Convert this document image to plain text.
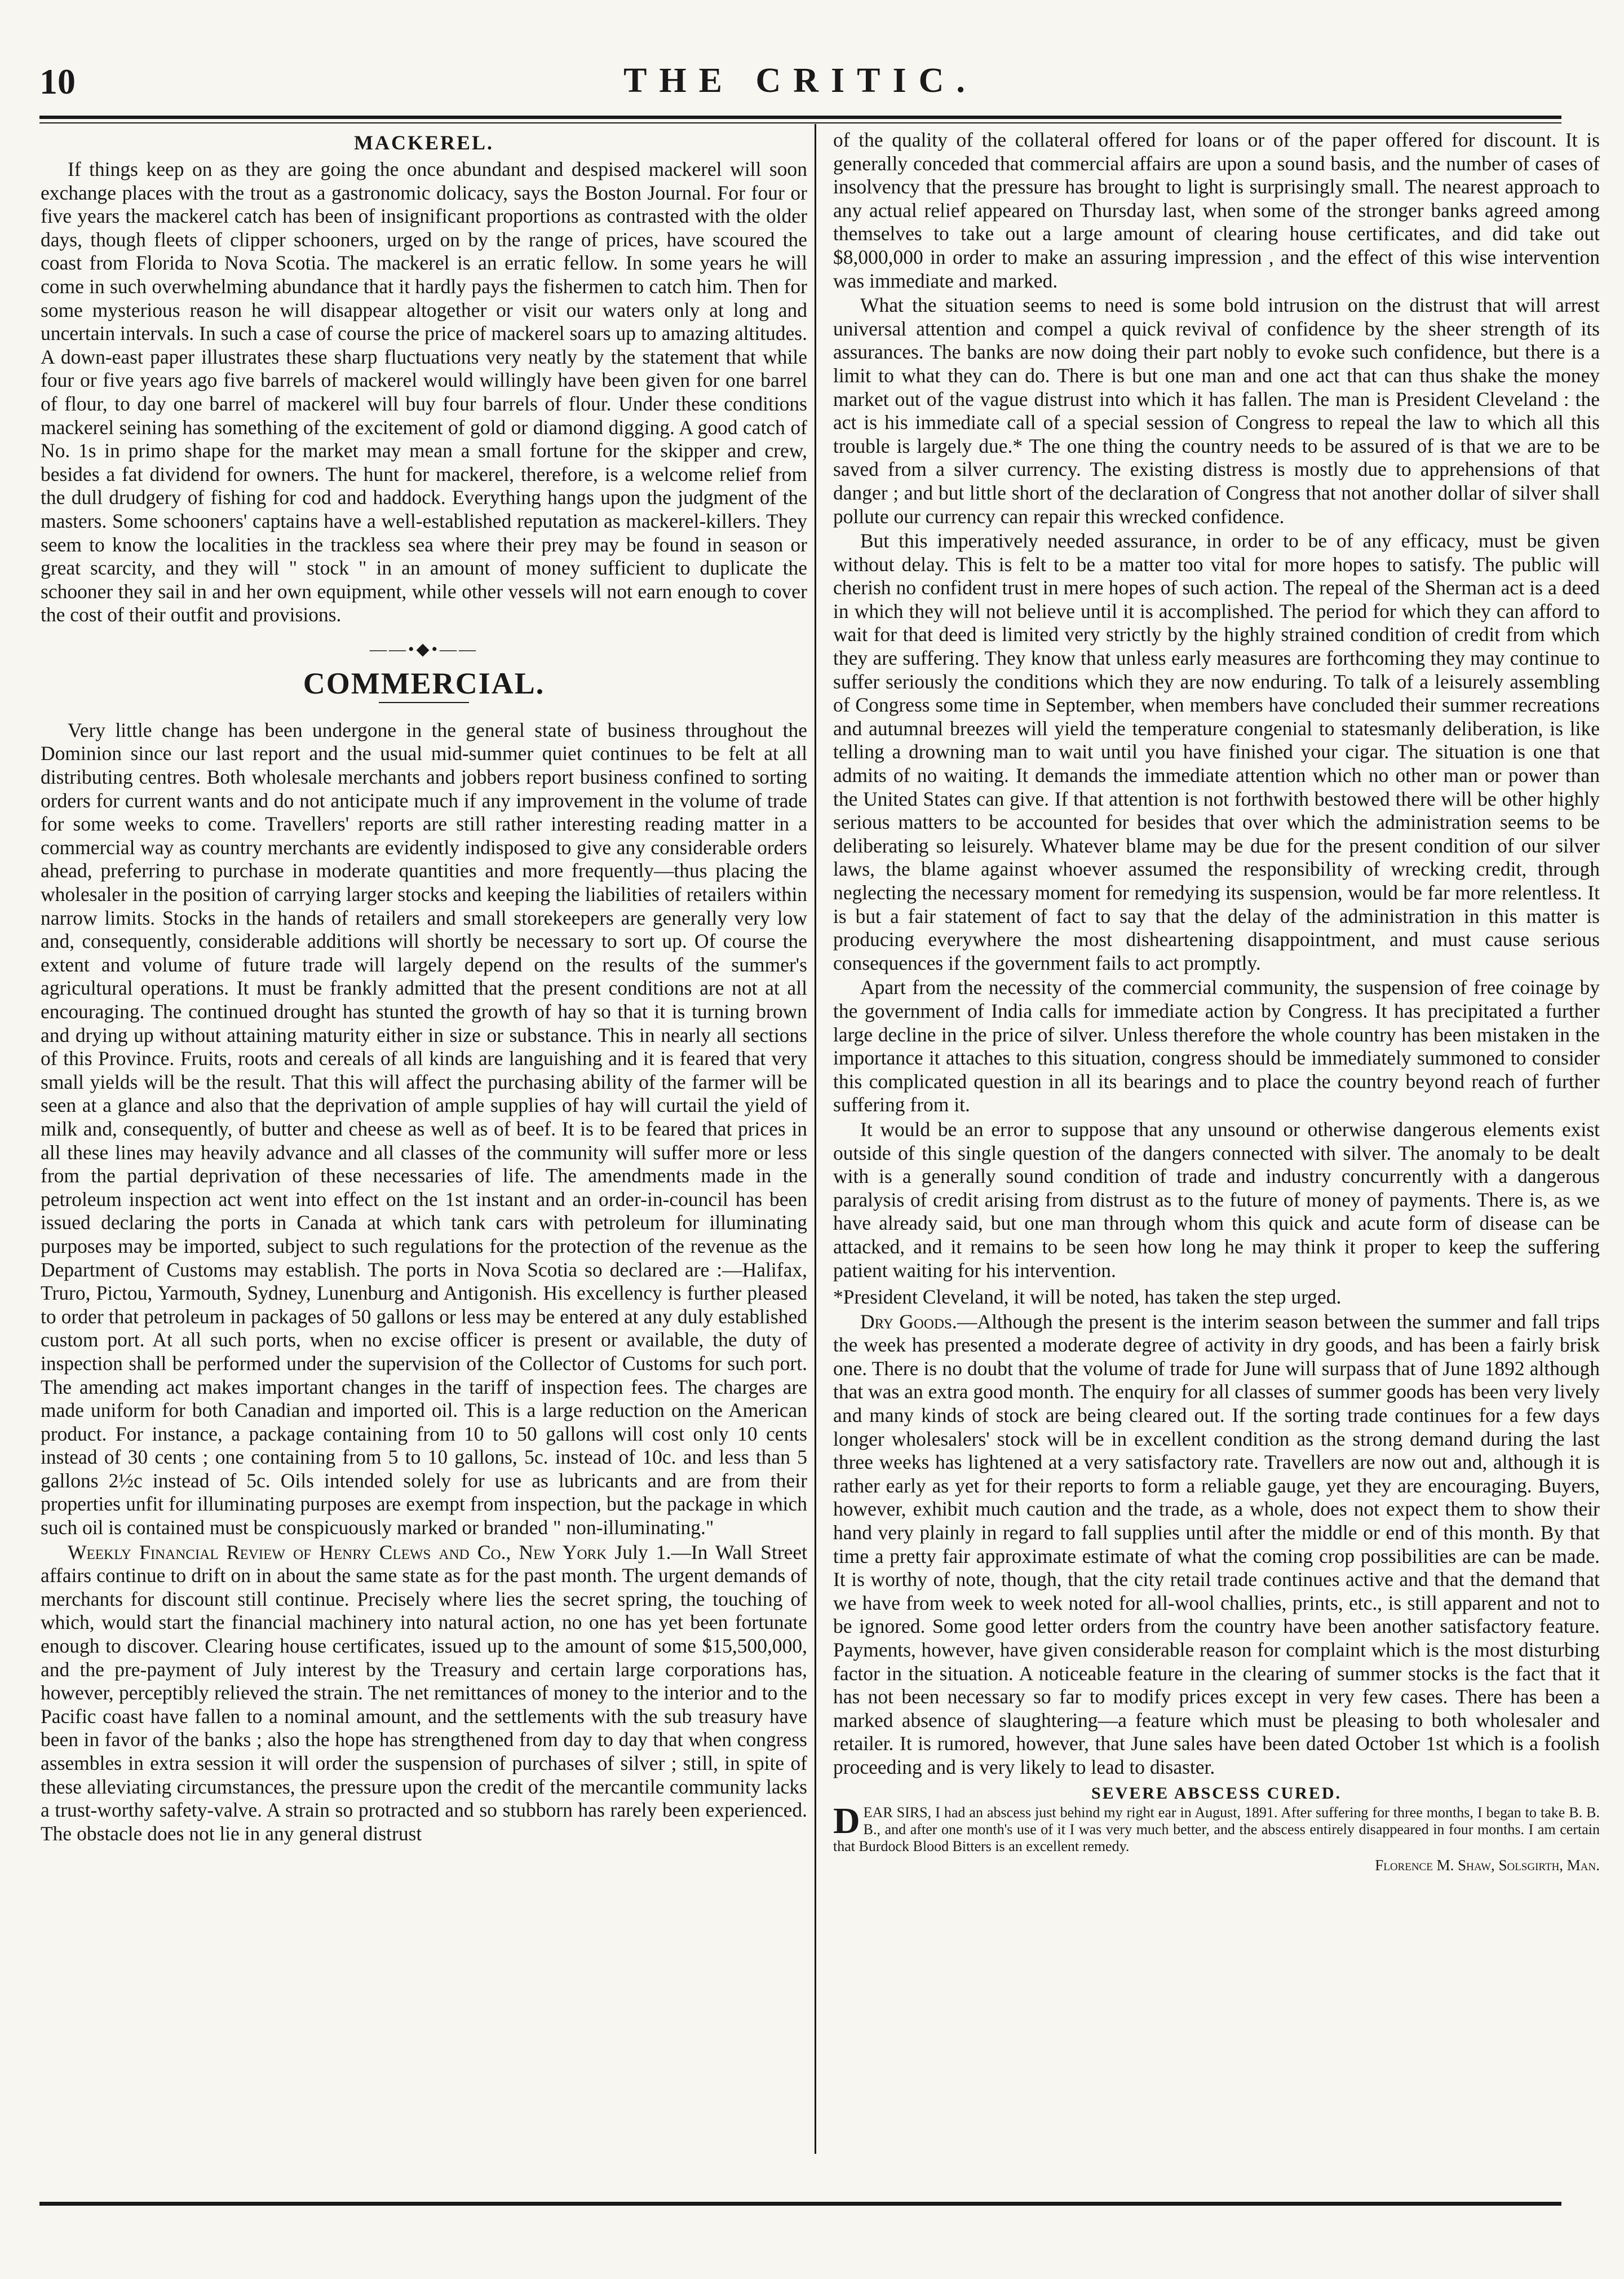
10	THE CRITIC.
MACKEREL.

If things keep on as they are going the once abundant and despised mackerel will soon exchange places with the trout as a gastronomic dolicacy, says the Boston Journal. For four or five years the mackerel catch has been of insignificant proportions as contrasted with the older days, though fleets of clipper schooners, urged on by the range of prices, have scoured the coast from Florida to Nova Scotia. The mackerel is an erratic fellow. In some years he will come in such overwhelming abundance that it hardly pays the fishermen to catch him. Then for some mysterious reason he will disappear altogether or visit our waters only at long and uncertain intervals. In such a case of course the price of mackerel soars up to amazing altitudes. A down-east paper illustrates these sharp fluctuations very neatly by the statement that while four or five years ago five barrels of mackerel would willingly have been given for one barrel of flour, to day one barrel of mackerel will buy four barrels of flour. Under these conditions mackerel seining has something of the excitement of gold or diamond digging. A good catch of No. 1s in primo shape for the market may mean a small fortune for the skipper and crew, besides a fat dividend for owners. The hunt for mackerel, therefore, is a welcome relief from the dull drudgery of fishing for cod and haddock. Everything hangs upon the judgment of the masters. Some schooners' captains have a well-established reputation as mackerel-killers. They seem to know the localities in the trackless sea where their prey may be found in season or great scarcity, and they will " stock " in an amount of money sufficient to duplicate the schooner they sail in and her own equipment, while other vessels will not earn enough to cover the cost of their outfit and provisions.

——•◆•——
COMMERCIAL.

Very little change has been undergone in the general state of business throughout the Dominion since our last report and the usual mid-summer quiet continues to be felt at all distributing centres. Both wholesale merchants and jobbers report business confined to sorting orders for current wants and do not anticipate much if any improvement in the volume of trade for some weeks to come. Travellers' reports are still rather interesting reading matter in a commercial way as country merchants are evidently indisposed to give any considerable orders ahead, preferring to purchase in moderate quantities and more frequently—thus placing the wholesaler in the position of carrying larger stocks and keeping the liabilities of retailers within narrow limits. Stocks in the hands of retailers and small storekeepers are generally very low and, consequently, considerable additions will shortly be necessary to sort up. Of course the extent and volume of future trade will largely depend on the results of the summer's agricultural operations. It must be frankly admitted that the present conditions are not at all encouraging. The continued drought has stunted the growth of hay so that it is turning brown and drying up without attaining maturity either in size or substance. This in nearly all sections of this Province. Fruits, roots and cereals of all kinds are languishing and it is feared that very small yields will be the result. That this will affect the purchasing ability of the farmer will be seen at a glance and also that the deprivation of ample supplies of hay will curtail the yield of milk and, consequently, of butter and cheese as well as of beef. It is to be feared that prices in all these lines may heavily advance and all classes of the community will suffer more or less from the partial deprivation of these necessaries of life. The amendments made in the petroleum inspection act went into effect on the 1st instant and an order-in-council has been issued declaring the ports in Canada at which tank cars with petroleum for illuminating purposes may be imported, subject to such regulations for the protection of the revenue as the Department of Customs may establish. The ports in Nova Scotia so declared are :—Halifax, Truro, Pictou, Yarmouth, Sydney, Lunenburg and Antigonish. His excellency is further pleased to order that petroleum in packages of 50 gallons or less may be entered at any duly established custom port. At all such ports, when no excise officer is present or available, the duty of inspection shall be performed under the supervision of the Collector of Customs for such port. The amending act makes important changes in the tariff of inspection fees. The charges are made uniform for both Canadian and imported oil. This is a large reduction on the American product. For instance, a package containing from 10 to 50 gallons will cost only 10 cents instead of 30 cents ; one containing from 5 to 10 gallons, 5c. instead of 10c. and less than 5 gallons 2½c instead of 5c. Oils intended solely for use as lubricants and are from their properties unfit for illuminating purposes are exempt from inspection, but the package in which such oil is contained must be conspicuously marked or branded " non-illuminating."

Weekly Financial Review of Henry Clews and Co., New York July 1.—In Wall Street affairs continue to drift on in about the same state as for the past month. The urgent demands of merchants for discount still continue. Precisely where lies the secret spring, the touching of which, would start the financial machinery into natural action, no one has yet been fortunate enough to discover. Clearing house certificates, issued up to the amount of some $15,500,000, and the pre-payment of July interest by the Treasury and certain large corporations has, however, perceptibly relieved the strain. The net remittances of money to the interior and to the Pacific coast have fallen to a nominal amount, and the settlements with the sub treasury have been in favor of the banks ; also the hope has strengthened from day to day that when congress assembles in extra session it will order the suspension of purchases of silver ; still, in spite of these alleviating circumstances, the pressure upon the credit of the mercantile community lacks a trust-worthy safety-valve. A strain so protracted and so stubborn has rarely been experienced. The obstacle does not lie in any general distrust

of the quality of the collateral offered for loans or of the paper offered for discount. It is generally conceded that commercial affairs are upon a sound basis, and the number of cases of insolvency that the pressure has brought to light is surprisingly small. The nearest approach to any actual relief appeared on Thursday last, when some of the stronger banks agreed among themselves to take out a large amount of clearing house certificates, and did take out $8,000,000 in order to make an assuring impression , and the effect of this wise intervention was immediate and marked.

What the situation seems to need is some bold intrusion on the distrust that will arrest universal attention and compel a quick revival of confidence by the sheer strength of its assurances. The banks are now doing their part nobly to evoke such confidence, but there is a limit to what they can do. There is but one man and one act that can thus shake the money market out of the vague distrust into which it has fallen. The man is President Cleveland : the act is his immediate call of a special session of Congress to repeal the law to which all this trouble is largely due.* The one thing the country needs to be assured of is that we are to be saved from a silver currency. The existing distress is mostly due to apprehensions of that danger ; and but little short of the declaration of Congress that not another dollar of silver shall pollute our currency can repair this wrecked confidence.

But this imperatively needed assurance, in order to be of any efficacy, must be given without delay. This is felt to be a matter too vital for more hopes to satisfy. The public will cherish no confident trust in mere hopes of such action. The repeal of the Sherman act is a deed in which they will not believe until it is accomplished. The period for which they can afford to wait for that deed is limited very strictly by the highly strained condition of credit from which they are suffering. They know that unless early measures are forthcoming they may continue to suffer seriously the conditions which they are now enduring. To talk of a leisurely assembling of Congress some time in September, when members have concluded their summer recreations and autumnal breezes will yield the temperature congenial to statesmanly deliberation, is like telling a drowning man to wait until you have finished your cigar. The situation is one that admits of no waiting. It demands the immediate attention which no other man or power than the United States can give. If that attention is not forthwith bestowed there will be other highly serious matters to be accounted for besides that over which the administration seems to be deliberating so leisurely. Whatever blame may be due for the present condition of our silver laws, the blame against whoever assumed the responsibility of wrecking credit, through neglecting the necessary moment for remedying its suspension, would be far more relentless. It is but a fair statement of fact to say that the delay of the administration in this matter is producing everywhere the most disheartening disappointment, and must cause serious consequences if the government fails to act promptly.

Apart from the necessity of the commercial community, the suspension of free coinage by the government of India calls for immediate action by Congress. It has precipitated a further large decline in the price of silver. Unless therefore the whole country has been mistaken in the importance it attaches to this situation, congress should be immediately summoned to consider this complicated question in all its bearings and to place the country beyond reach of further suffering from it.

It would be an error to suppose that any unsound or otherwise dangerous elements exist outside of this single question of the dangers connected with silver. The anomaly to be dealt with is a generally sound condition of trade and industry concurrently with a dangerous paralysis of credit arising from distrust as to the future of money of payments. There is, as we have already said, but one man through whom this quick and acute form of disease can be attacked, and it remains to be seen how long he may think it proper to keep the suffering patient waiting for his intervention.

*President Cleveland, it will be noted, has taken the step urged.

Dry Goods.—Although the present is the interim season between the summer and fall trips the week has presented a moderate degree of activity in dry goods, and has been a fairly brisk one. There is no doubt that the volume of trade for June will surpass that of June 1892 although that was an extra good month. The enquiry for all classes of summer goods has been very lively and many kinds of stock are being cleared out. If the sorting trade continues for a few days longer wholesalers' stock will be in excellent condition as the strong demand during the last three weeks has lightened at a very satisfactory rate. Travellers are now out and, although it is rather early as yet for their reports to form a reliable gauge, yet they are encouraging. Buyers, however, exhibit much caution and the trade, as a whole, does not expect them to show their hand very plainly in regard to fall supplies until after the middle or end of this month. By that time a pretty fair approximate estimate of what the coming crop possibilities are can be made. It is worthy of note, though, that the city retail trade continues active and that the demand that we have from week to week noted for all-wool challies, prints, etc., is still apparent and not to be ignored. Some good letter orders from the country have been another satisfactory feature. Payments, however, have given considerable reason for complaint which is the most disturbing factor in the situation. A noticeable feature in the clearing of summer stocks is the fact that it has not been necessary so far to modify prices except in very few cases. There has been a marked absence of slaughtering—a feature which must be pleasing to both wholesaler and retailer. It is rumored, however, that June sales have been dated October 1st which is a foolish proceeding and is very likely to lead to disaster.

SEVERE ABSCESS CURED.

DEAR SIRS, I had an abscess just behind my right ear in August, 1891. After suffering for three months, I began to take B. B. B., and after one month's use of it I was very much better, and the abscess entirely disappeared in four months. I am certain that Burdock Blood Bitters is an excellent remedy.

Florence M. Shaw, Solsgirth, Man.
